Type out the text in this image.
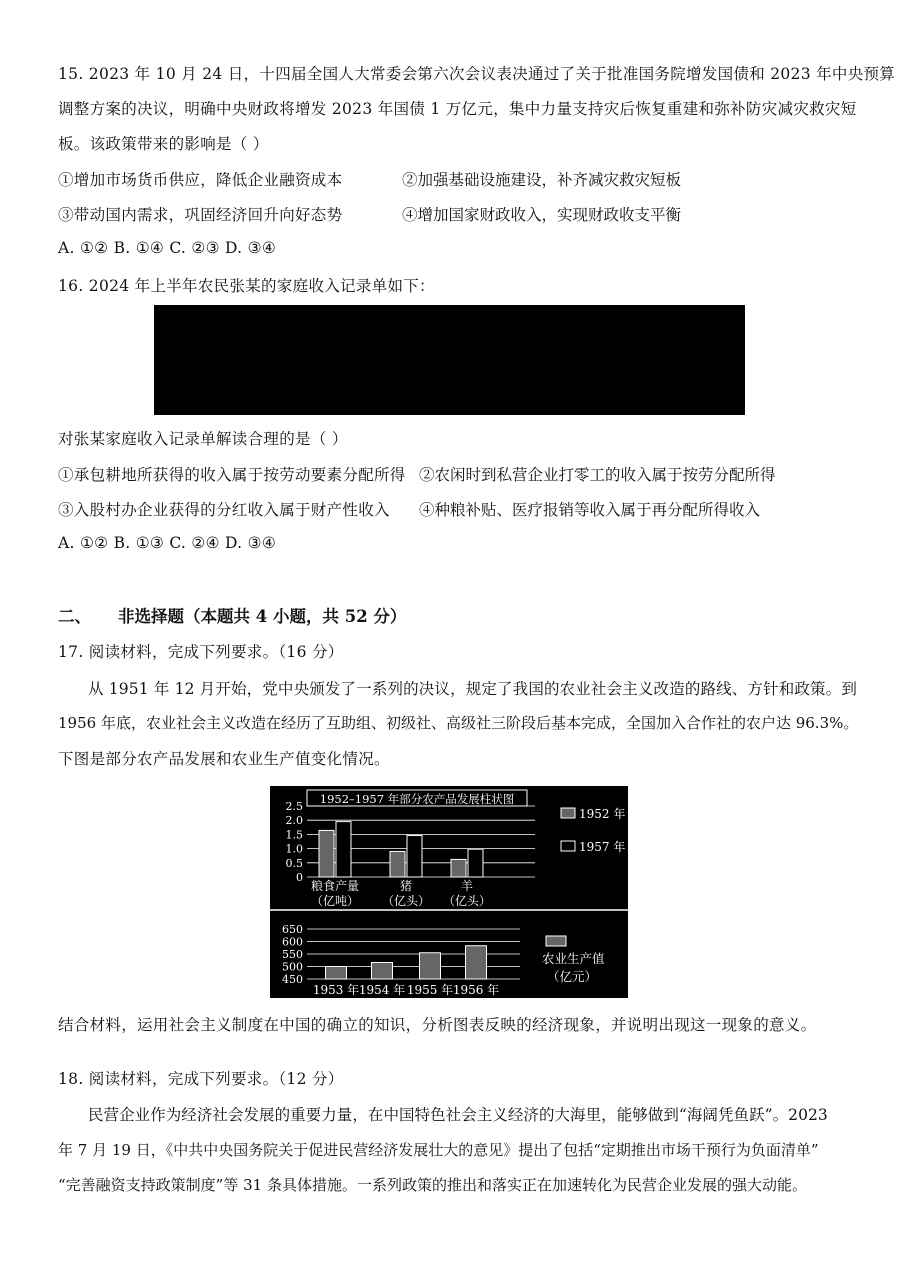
15. 2023 年 10 月 24 日，十四届全国人大常委会第六次会议表决通过了关于批准国务院增发国债和 2023 年中央预算
调整方案的决议，明确中央财政将增发 2023 年国债 1 万亿元，集中力量支持灾后恢复重建和弥补防灾减灾救灾短
板。该政策带来的影响是（ ）
①增加市场货币供应，降低企业融资成本	②加强基础设施建设，补齐减灾救灾短板
③带动国内需求，巩固经济回升向好态势	④增加国家财政收入，实现财政收支平衡
A. ①② B. ①④ C. ②③ D. ③④
16. 2024 年上半年农民张某的家庭收入记录单如下：
对张某家庭收入记录单解读合理的是（ ）
①承包耕地所获得的收入属于按劳动要素分配所得 ②农闲时到私营企业打零工的收入属于按劳分配所得
③入股村办企业获得的分红收入属于财产性收入 ④种粮补贴、医疗报销等收入属于再分配所得收入
A. ①② B. ①③ C. ②④ D. ③④
二、 非选择题（本题共 4 小题，共 52 分）
17. 阅读材料，完成下列要求。（16 分）
从 1951 年 12 月开始，党中央颁发了一系列的决议，规定了我国的农业社会主义改造的路线、方针和政策。到
1956 年底，农业社会主义改造在经历了互助组、初级社、高级社三阶段后基本完成，全国加入合作社的农户达 96.3%。
下图是部分农产品发展和农业生产值变化情况。
1952–1957 年部分农产品发展柱状图
0
0.5
1.0
1.5
2.0
2.5
粮食产量
（亿吨）
猪
（亿头）
羊
（亿头）
1952 年
1957 年
450
500
550
600
650
1953 年 1954 年 1955 年 1956 年
农业生产值
（亿元）
结合材料，运用社会主义制度在中国的确立的知识，分析图表反映的经济现象，并说明出现这一现象的意义。
18. 阅读材料，完成下列要求。（12 分）
民营企业作为经济社会发展的重要力量，在中国特色社会主义经济的大海里，能够做到“海阔凭鱼跃”。2023
年 7 月 19 日，《中共中央国务院关于促进民营经济发展壮大的意见》提出了包括“定期推出市场干预行为负面清单”
“完善融资支持政策制度”等 31 条具体措施。一系列政策的推出和落实正在加速转化为民营企业发展的强大动能。
